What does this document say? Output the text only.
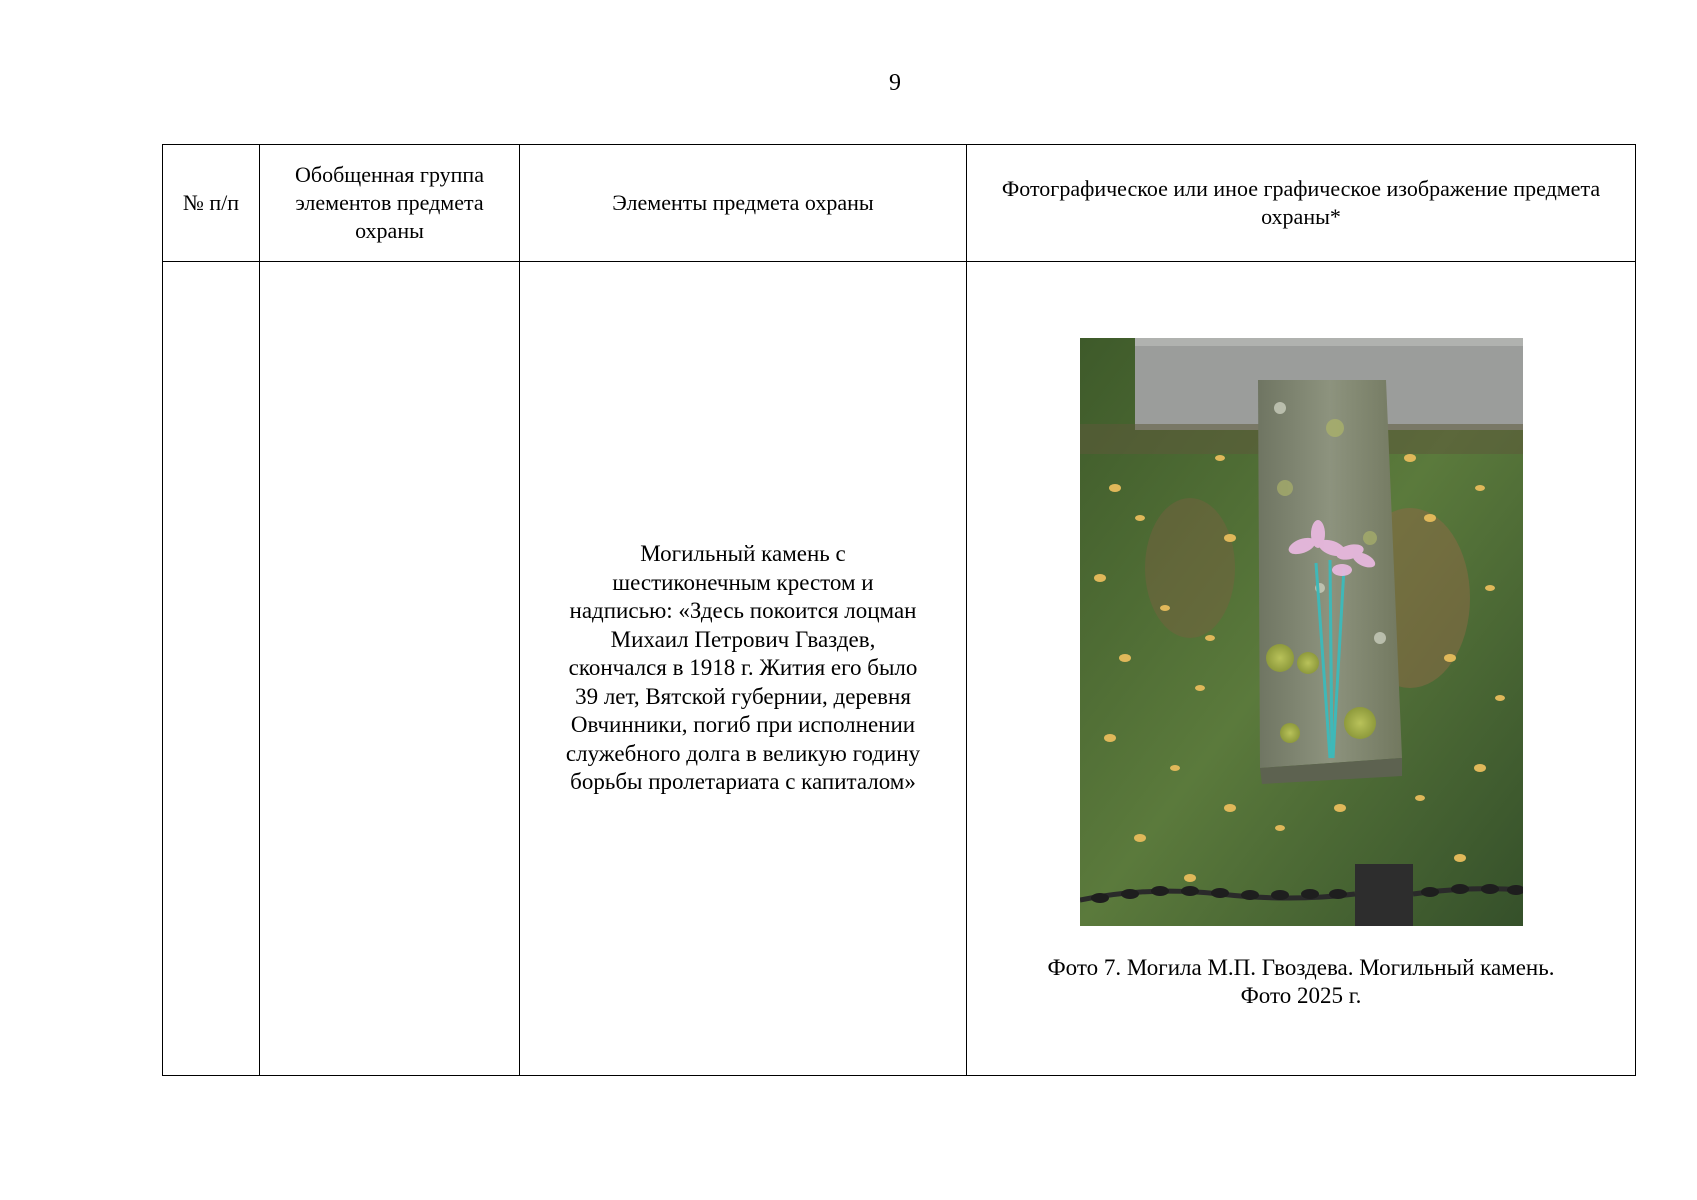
9
№ п/п	Обобщенная группа элементов предмета охраны	Элементы предмета охраны	Фотографическое или иное графическое изображение предмета охраны*

		Могильный камень с шестиконечным крестом и надписью: «Здесь покоится лоцман Михаил Петрович Гваздев, скончался в 1918 г. Жития его было 39 лет, Вятской губернии, деревня Овчинники, погиб при исполнении служебного долга в великую годину борьбы пролетариата с капиталом»	Фото 7. Могила М.П. Гвоздева. Могильный камень.
Фото 2025 г.
